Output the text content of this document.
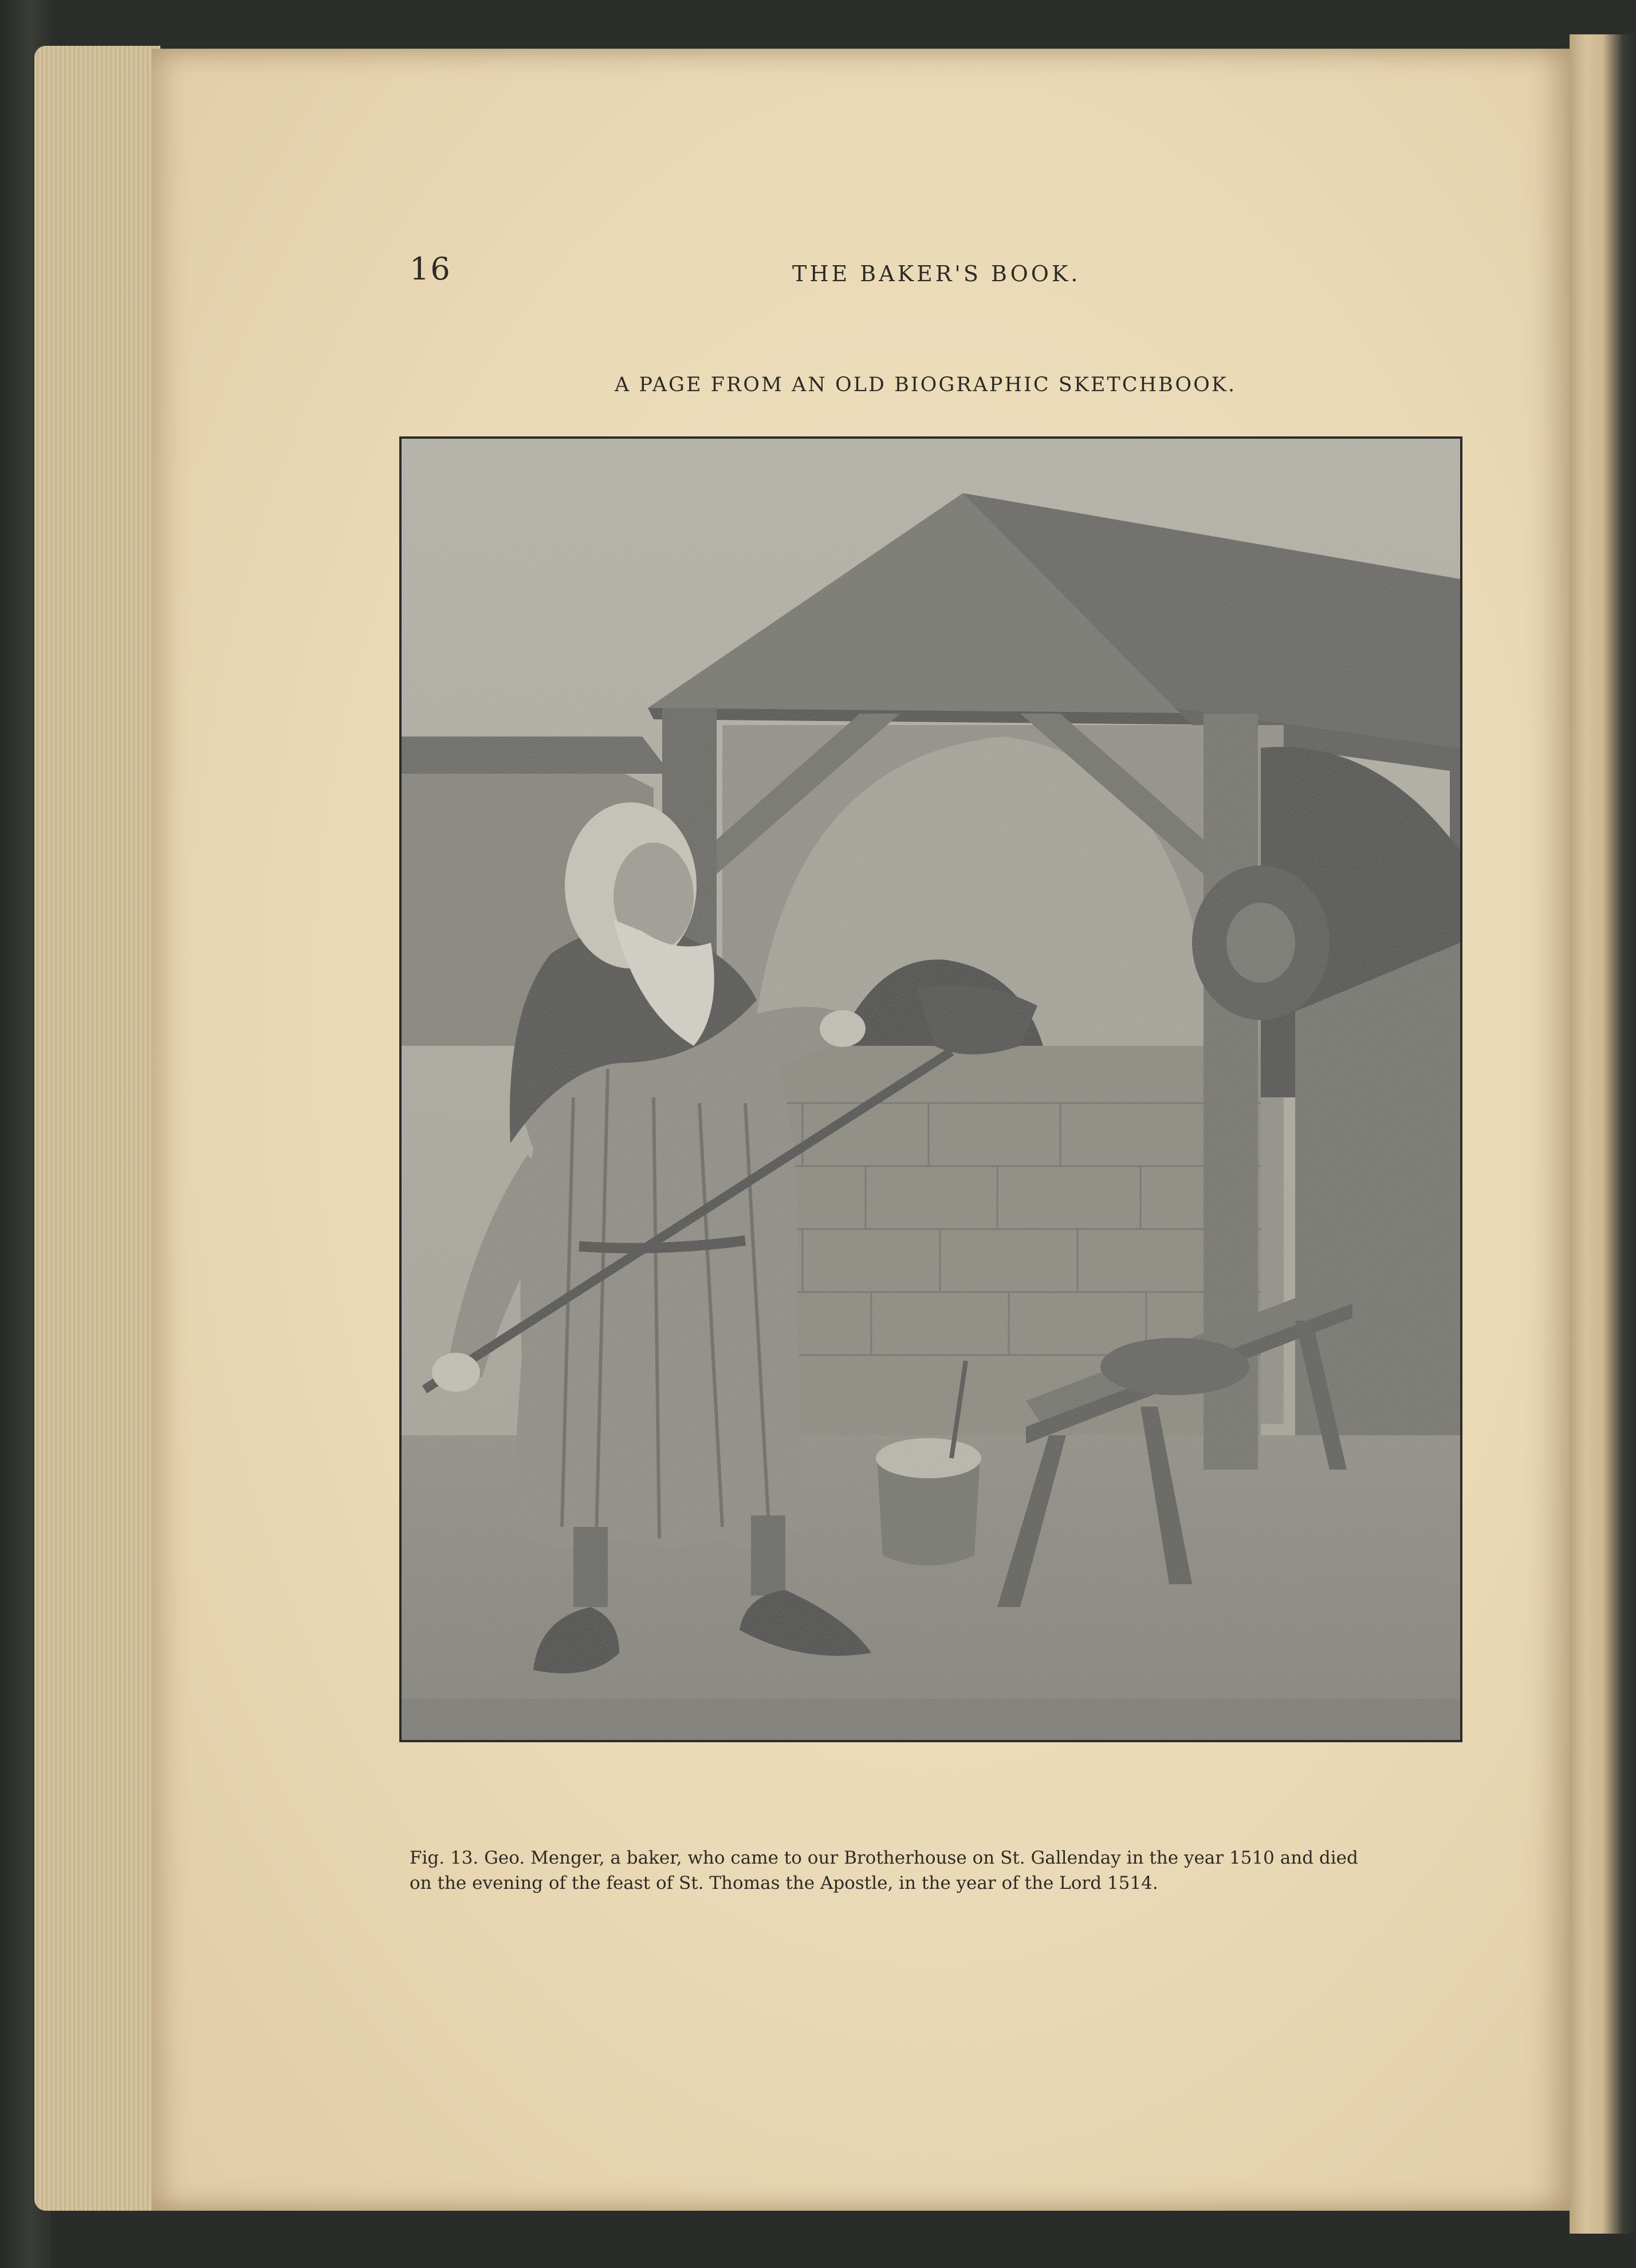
16	THE BAKER'S BOOK.
A PAGE FROM AN OLD BIOGRAPHIC SKETCHBOOK.
Fig. 13. Geo. Menger, a baker, who came to our Brotherhouse on St. Gallenday in the year 1510 and died
on the evening of the feast of St. Thomas the Apostle, in the year of the Lord 1514.
